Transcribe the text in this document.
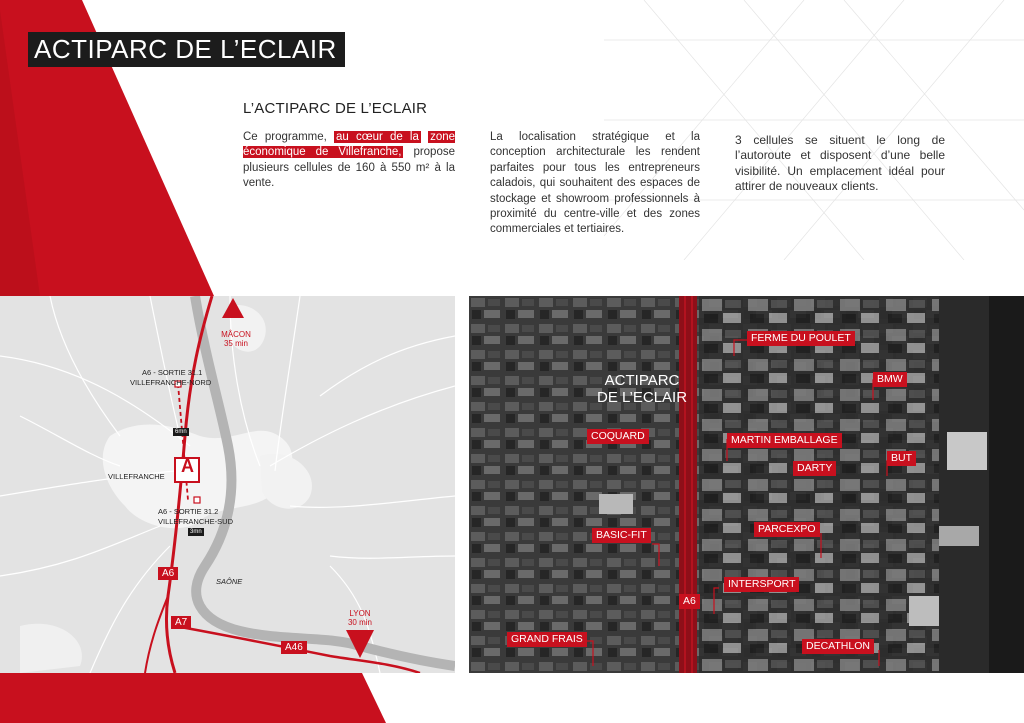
ACTIPARC DE L’ECLAIR
L’ACTIPARC DE L’ECLAIR
Ce programme, au cœur de la zone économique de Villefranche, propose plusieurs cellules de 160 à 550 m² à la vente.
La localisation stratégique et la conception architecturale les rendent parfaites pour tous les entrepreneurs caladois, qui souhaitent des espaces de stockage et showroom professionnels à proximité du centre-ville et des zones commerciales et tertiaires.
3 cellules se situent le long de l’autoroute et disposent d’une belle visibilité. Un emplacement idéal pour attirer de nouveaux clients.
A
MÂCON
35 min
A6 - SORTIE 31.1
VILLEFRANCHE-NORD
6mn
VILLEFRANCHE
A6 - SORTIE 31.2
VILLEFRANCHE-SUD
3mn
A6
SAÔNE
A7
A46
LYON
30 min
ACTIPARC
DE L’ECLAIR
A6
FERME DU POULET
BMW
COQUARD	MARTIN EMBALLAGE
DARTY
BUT
BASIC-FIT	PARCEXPO
INTERSPORT
GRAND FRAIS
DECATHLON
